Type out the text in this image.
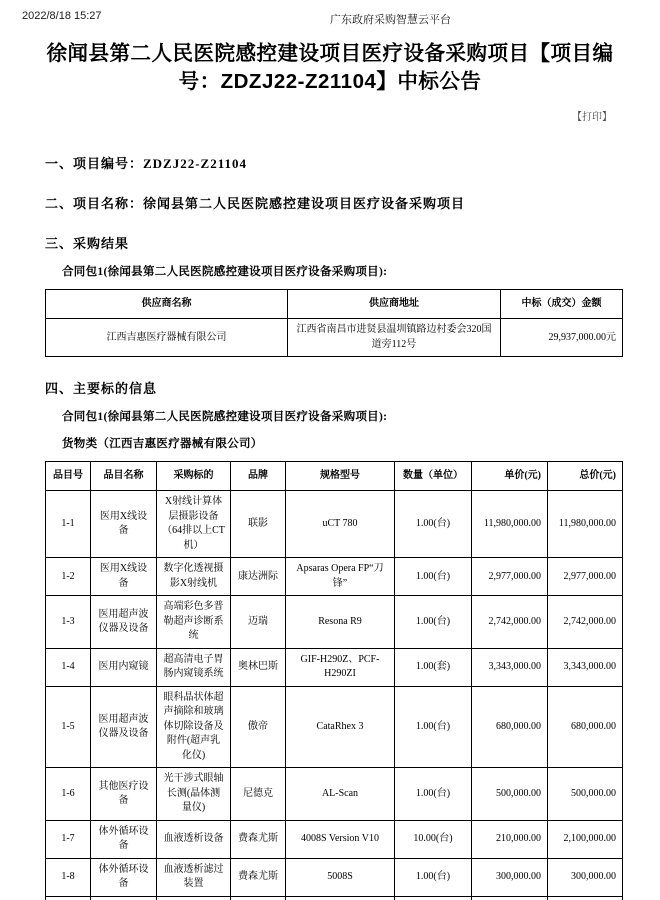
2022/8/18 15:27	广东政府采购智慧云平台
徐闻县第二人民医院感控建设项目医疗设备采购项目【项目编号：ZDZJ22-Z21104】中标公告
【打印】
一、项目编号：ZDZJ22-Z21104
二、项目名称：徐闻县第二人民医院感控建设项目医疗设备采购项目
三、采购结果
合同包1(徐闻县第二人民医院感控建设项目医疗设备采购项目):
供应商名称	供应商地址	中标（成交）金额
江西吉惠医疗器械有限公司	江西省南昌市进贤县温圳镇路边村委会320国道旁112号	29,937,000.00元
四、主要标的信息
合同包1(徐闻县第二人民医院感控建设项目医疗设备采购项目):
货物类（江西吉惠医疗器械有限公司）
品目号	品目名称	采购标的	品牌	规格型号	数量（单位）	单价(元)	总价(元)
1-1	医用X线设备	X射线计算体层摄影设备（64排以上CT机）	联影	uCT 780	1.00(台)	11,980,000.00	11,980,000.00
1-2	医用X线设备	数字化透视摄影X射线机	康达洲际	Apsaras Opera FP“刀锋”	1.00(台)	2,977,000.00	2,977,000.00
1-3	医用超声波仪器及设备	高端彩色多普勒超声诊断系统	迈瑞	Resona R9	1.00(台)	2,742,000.00	2,742,000.00
1-4	医用内窥镜	超高清电子胃肠内窥镜系统	奥林巴斯	GIF-H290Z、PCF-H290ZI	1.00(套)	3,343,000.00	3,343,000.00
1-5	医用超声波仪器及设备	眼科晶状体超声摘除和玻璃体切除设备及附件(超声乳化仪)	傲帝	CataRhex 3	1.00(台)	680,000.00	680,000.00
1-6	其他医疗设备	光干涉式眼轴长测(晶体测量仪)	尼德克	AL-Scan	1.00(台)	500,000.00	500,000.00
1-7	体外循环设备	血液透析设备	费森尤斯	4008S Version V10	10.00(台)	210,000.00	2,100,000.00
1-8	体外循环设备	血液透析滤过装置	费森尤斯	5008S	1.00(台)	300,000.00	300,000.00
